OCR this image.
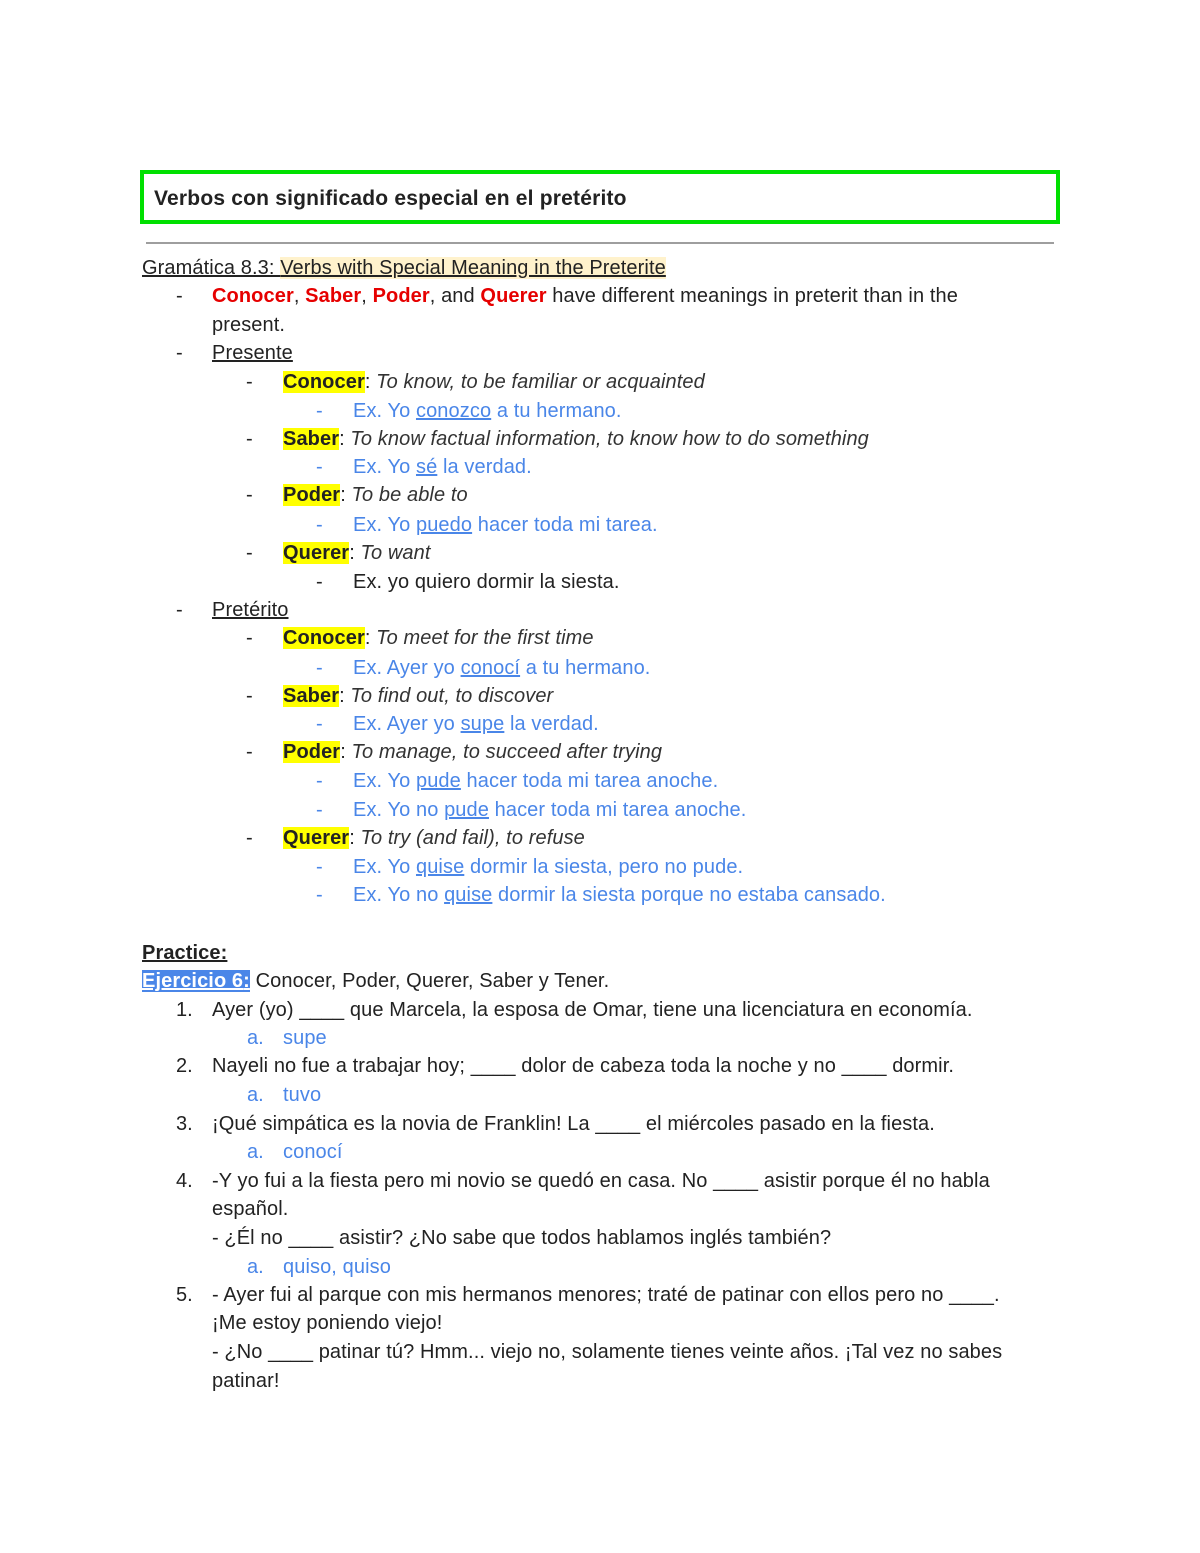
Verbos con significado especial en el pretérito
Gramática 8.3: Verbs with Special Meaning in the Preterite
- Conocer, Saber, Poder, and Querer have different meanings in preterit than in the
present.
- Presente
- Conocer: To know, to be familiar or acquainted
- Ex. Yo conozco a tu hermano.
- Saber: To know factual information, to know how to do something
- Ex. Yo sé la verdad.
- Poder: To be able to
- Ex. Yo puedo hacer toda mi tarea.
- Querer: To want
- Ex. yo quiero dormir la siesta.
- Pretérito
- Conocer: To meet for the first time
- Ex. Ayer yo conocí a tu hermano.
- Saber: To find out, to discover
- Ex. Ayer yo supe la verdad.
- Poder: To manage, to succeed after trying
- Ex. Yo pude hacer toda mi tarea anoche.
- Ex. Yo no pude hacer toda mi tarea anoche.
- Querer: To try (and fail), to refuse
- Ex. Yo quise dormir la siesta, pero no pude.
- Ex. Yo no quise dormir la siesta porque no estaba cansado.
Practice:
Ejercicio 6: Conocer, Poder, Querer, Saber y Tener.
1. Ayer (yo) ____ que Marcela, la esposa de Omar, tiene una licenciatura en economía.
a. supe
2. Nayeli no fue a trabajar hoy; ____ dolor de cabeza toda la noche y no ____ dormir.
a. tuvo
3. ¡Qué simpática es la novia de Franklin! La ____ el miércoles pasado en la fiesta.
a. conocí
4. -Y yo fui a la fiesta pero mi novio se quedó en casa. No ____ asistir porque él no habla
español.
- ¿Él no ____ asistir? ¿No sabe que todos hablamos inglés también?
a. quiso, quiso
5. - Ayer fui al parque con mis hermanos menores; traté de patinar con ellos pero no ____.
¡Me estoy poniendo viejo!
- ¿No ____ patinar tú? Hmm... viejo no, solamente tienes veinte años. ¡Tal vez no sabes
patinar!
